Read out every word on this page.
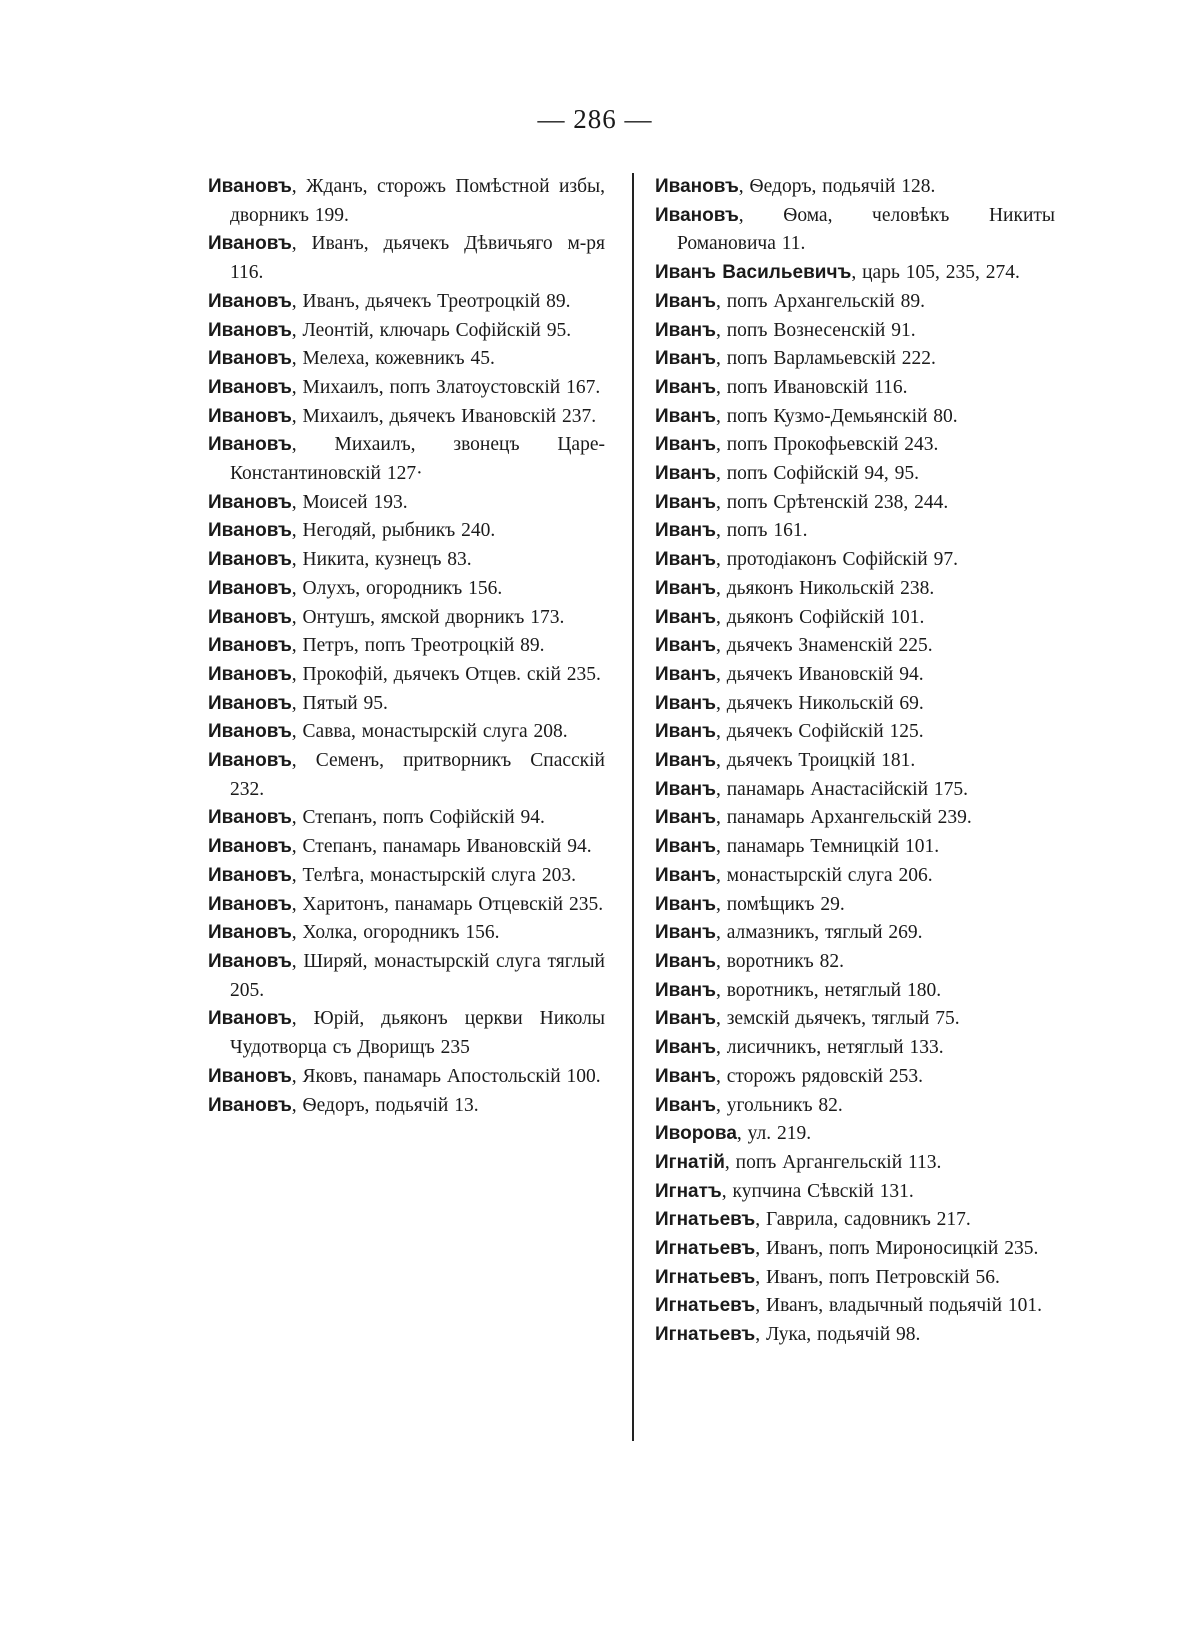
— 286 —

Ивановъ, Жданъ, сторожъ Помѣстной избы, дворникъ 199.

Ивановъ, Иванъ, дьячекъ Дѣвичьяго м-ря 116.

Ивановъ, Иванъ, дьячекъ Треотроцкій 89.

Ивановъ, Леонтій, ключарь Софійскій 95.

Ивановъ, Мелеха, кожевникъ 45.

Ивановъ, Михаилъ, попъ Златоустовскій 167.

Ивановъ, Михаилъ, дьячекъ Ивановскій 237.

Ивановъ, Михаилъ, звонецъ Царе-Константиновскій 127·

Ивановъ, Моисей 193.

Ивановъ, Негодяй, рыбникъ 240.

Ивановъ, Никита, кузнецъ 83.

Ивановъ, Олухъ, огородникъ 156.

Ивановъ, Онтушъ, ямской дворникъ 173.

Ивановъ, Петръ, попъ Треотроцкій 89.

Ивановъ, Прокофій, дьячекъ Отцев. скій 235.

Ивановъ, Пятый 95.

Ивановъ, Савва, монастырскій слуга 208.

Ивановъ, Семенъ, притворникъ Спасскій 232.

Ивановъ, Степанъ, попъ Софійскій 94.

Ивановъ, Степанъ, панамарь Ивановскій 94.

Ивановъ, Телѣга, монастырскій слуга 203.

Ивановъ, Харитонъ, панамарь Отцевскій 235.

Ивановъ, Холка, огородникъ 156.

Ивановъ, Ширяй, монастырскій слуга тяглый 205.

Ивановъ, Юрій, дьяконъ церкви Николы Чудотворца съ Дворищъ 235

Ивановъ, Яковъ, панамарь Апостольскій 100.

Ивановъ, Ѳедоръ, подьячій 13.

Ивановъ, Ѳедоръ, подьячій 128.

Ивановъ, Ѳома, человѣкъ Никиты Романовича 11.

Иванъ Васильевичъ, царь 105, 235, 274.

Иванъ, попъ Архангельскій 89.

Иванъ, попъ Вознесенскій 91.

Иванъ, попъ Варламьевскій 222.

Иванъ, попъ Ивановскій 116.

Иванъ, попъ Кузмо-Демьянскій 80.

Иванъ, попъ Прокофьевскій 243.

Иванъ, попъ Софійскій 94, 95.

Иванъ, попъ Срѣтенскій 238, 244.

Иванъ, попъ 161.

Иванъ, протодіаконъ Софійскій 97.

Иванъ, дьяконъ Никольскій 238.

Иванъ, дьяконъ Софійскій 101.

Иванъ, дьячекъ Знаменскій 225.

Иванъ, дьячекъ Ивановскій 94.

Иванъ, дьячекъ Никольскій 69.

Иванъ, дьячекъ Софійскій 125.

Иванъ, дьячекъ Троицкій 181.

Иванъ, панамарь Анастасійскій 175.

Иванъ, панамарь Архангельскій 239.

Иванъ, панамарь Темницкій 101.

Иванъ, монастырскій слуга 206.

Иванъ, помѣщикъ 29.

Иванъ, алмазникъ, тяглый 269.

Иванъ, воротникъ 82.

Иванъ, воротникъ, нетяглый 180.

Иванъ, земскій дьячекъ, тяглый 75.

Иванъ, лисичникъ, нетяглый 133.

Иванъ, сторожъ рядовскій 253.

Иванъ, угольникъ 82.

Иворова, ул. 219.

Игнатій, попъ Аргангельскій 113.

Игнатъ, купчина Сѣвскій 131.

Игнатьевъ, Гаврила, садовникъ 217.

Игнатьевъ, Иванъ, попъ Мироносицкій 235.

Игнатьевъ, Иванъ, попъ Петровскій 56.

Игнатьевъ, Иванъ, владычный подьячій 101.

Игнатьевъ, Лука, подьячій 98.
